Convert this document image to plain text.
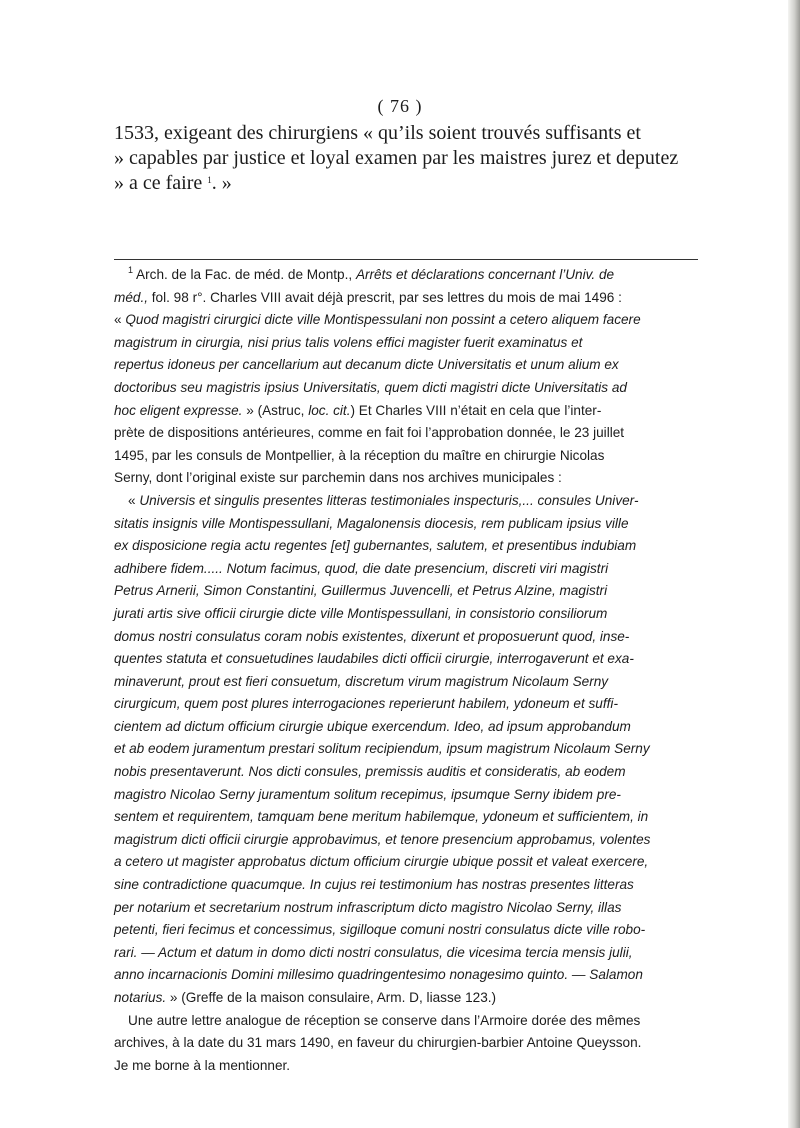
( 76 )

1533, exigeant des chirurgiens « qu’ils soient trouvés suffisants et
» capables par justice et loyal examen par les maistres jurez et deputez
» a ce faire $^1$. »

$^1$ Arch. de la Fac. de méd. de Montp., Arrêts et déclarations concernant l’Univ. de
méd., fol. 98 r°. Charles VIII avait déjà prescrit, par ses lettres du mois de mai 1496 :
« Quod magistri cirurgici dicte ville Montispessulani non possint a cetero aliquem facere
magistrum in cirurgia, nisi prius talis volens effici magister fuerit examinatus et
repertus idoneus per cancellarium aut decanum dicte Universitatis et unum alium ex
doctoribus seu magistris ipsius Universitatis, quem dicti magistri dicte Universitatis ad
hoc eligent expresse. » (Astruc, loc. cit.) Et Charles VIII n’était en cela que l’inter-
prète de dispositions antérieures, comme en fait foi l’approbation donnée, le 23 juillet
1495, par les consuls de Montpellier, à la réception du maître en chirurgie Nicolas
Serny, dont l’original existe sur parchemin dans nos archives municipales :
« Universis et singulis presentes litteras testimoniales inspecturis,... consules Univer-
sitatis insignis ville Montispessullani, Magalonensis diocesis, rem publicam ipsius ville
ex disposicione regia actu regentes [et] gubernantes, salutem, et presentibus indubiam
adhibere fidem..... Notum facimus, quod, die date presencium, discreti viri magistri
Petrus Arnerii, Simon Constantini, Guillermus Juvencelli, et Petrus Alzine, magistri
jurati artis sive officii cirurgie dicte ville Montispessullani, in consistorio consiliorum
domus nostri consulatus coram nobis existentes, dixerunt et proposuerunt quod, inse-
quentes statuta et consuetudines laudabiles dicti officii cirurgie, interrogaverunt et exa-
minaverunt, prout est fieri consuetum, discretum virum magistrum Nicolaum Serny
cirurgicum, quem post plures interrogaciones reperierunt habilem, ydoneum et suffi-
cientem ad dictum officium cirurgie ubique exercendum. Ideo, ad ipsum approbandum
et ab eodem juramentum prestari solitum recipiendum, ipsum magistrum Nicolaum Serny
nobis presentaverunt. Nos dicti consules, premissis auditis et consideratis, ab eodem
magistro Nicolao Serny juramentum solitum recepimus, ipsumque Serny ibidem pre-
sentem et requirentem, tamquam bene meritum habilemque, ydoneum et sufficientem, in
magistrum dicti officii cirurgie approbavimus, et tenore presencium approbamus, volentes
a cetero ut magister approbatus dictum officium cirurgie ubique possit et valeat exercere,
sine contradictione quacumque. In cujus rei testimonium has nostras presentes litteras
per notarium et secretarium nostrum infrascriptum dicto magistro Nicolao Serny, illas
petenti, fieri fecimus et concessimus, sigilloque comuni nostri consulatus dicte ville robo-
rari. — Actum et datum in domo dicti nostri consulatus, die vicesima tercia mensis julii,
anno incarnacionis Domini millesimo quadringentesimo nonagesimo quinto. — Salamon
notarius. » (Greffe de la maison consulaire, Arm. D, liasse 123.)
Une autre lettre analogue de réception se conserve dans l’Armoire dorée des mêmes
archives, à la date du 31 mars 1490, en faveur du chirurgien-barbier Antoine Queysson.
Je me borne à la mentionner.
